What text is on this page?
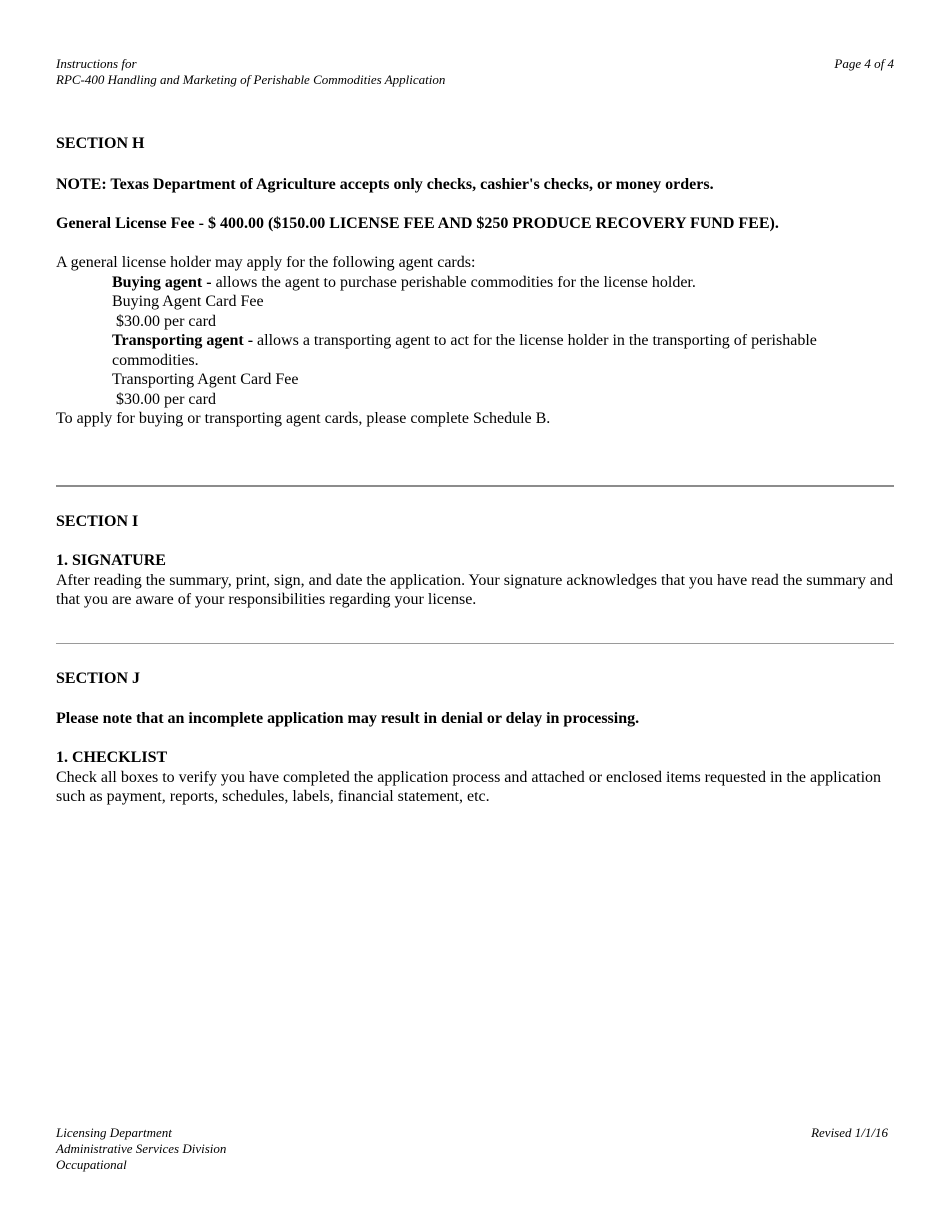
Instructions for
RPC-400 Handling and Marketing of Perishable Commodities Application
Page 4 of 4

SECTION H

NOTE: Texas Department of Agriculture accepts only checks, cashier's checks, or money orders.

General License Fee - $ 400.00 ($150.00 LICENSE FEE AND $250 PRODUCE RECOVERY FUND FEE).

A general license holder may apply for the following agent cards:

Buying agent - allows the agent to purchase perishable commodities for the license holder.

Buying Agent Card Fee

$30.00 per card

Transporting agent - allows a transporting agent to act for the license holder in the transporting of perishable commodities.

Transporting Agent Card Fee

$30.00 per card

To apply for buying or transporting agent cards, please complete Schedule B.

SECTION I

1. SIGNATURE

After reading the summary, print, sign, and date the application. Your signature acknowledges that you have read the summary and that you are aware of your responsibilities regarding your license.

SECTION J

Please note that an incomplete application may result in denial or delay in processing.

1. CHECKLIST

Check all boxes to verify you have completed the application process and attached or enclosed items requested in the application such as payment, reports, schedules, labels, financial statement, etc.

Licensing Department
Administrative Services Division
Occupational
Revised 1/1/16
